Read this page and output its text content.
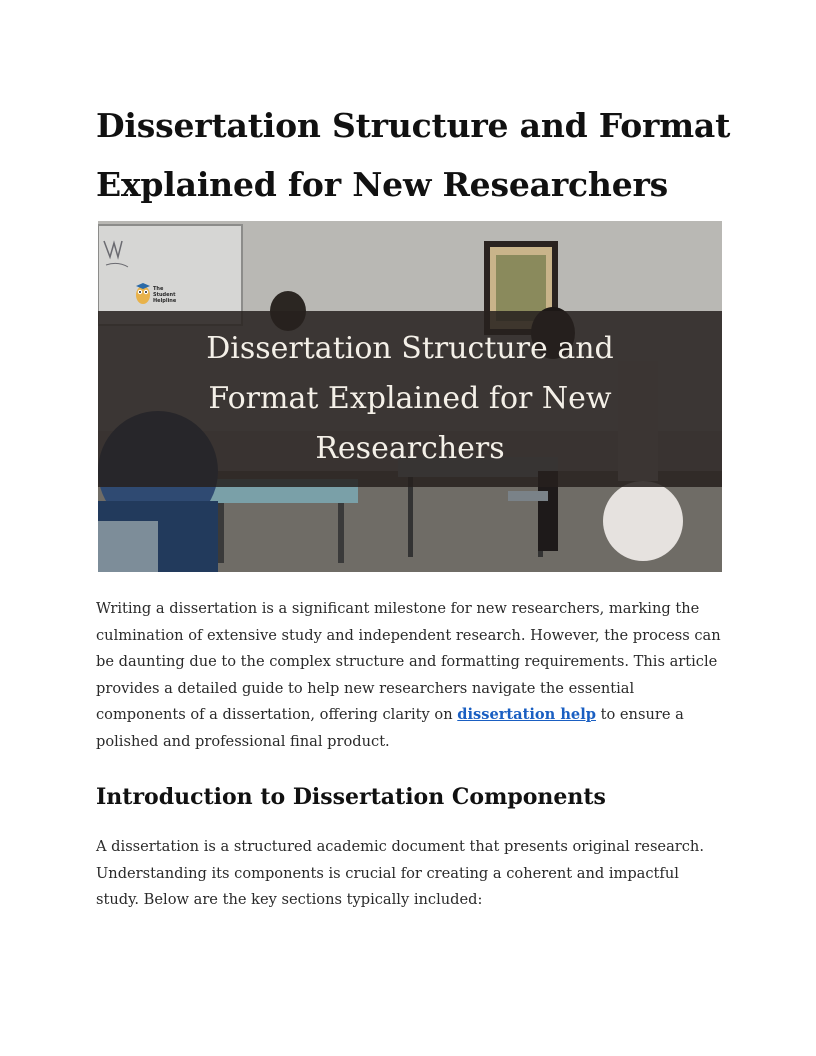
Dissertation Structure and Format Explained for New Researchers
The Student Helpline

Dissertation Structure and Format Explained for New Researchers

Writing a dissertation is a significant milestone for new researchers, marking the culmination of extensive study and independent research. However, the process can be daunting due to the complex structure and formatting requirements. This article provides a detailed guide to help new researchers navigate the essential components of a dissertation, offering clarity on dissertation help to ensure a polished and professional final product.

Introduction to Dissertation Components

A dissertation is a structured academic document that presents original research. Understanding its components is crucial for creating a coherent and impactful study. Below are the key sections typically included:
